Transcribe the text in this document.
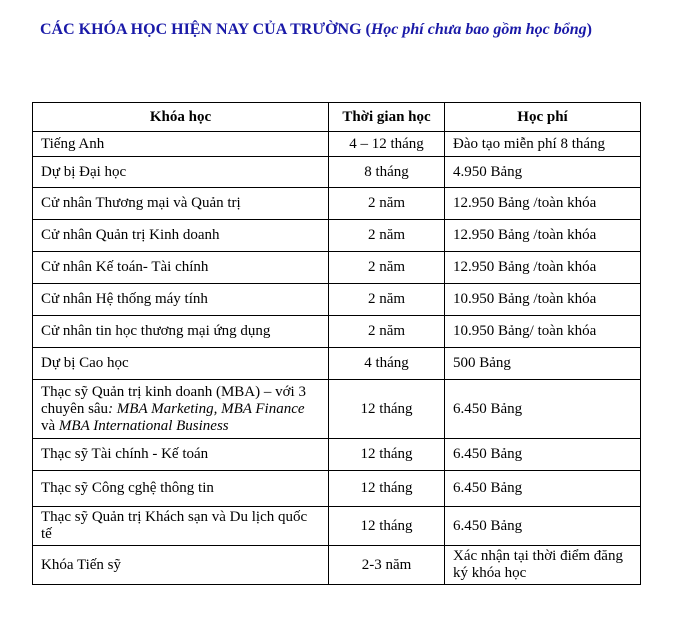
CÁC KHÓA HỌC HIỆN NAY CỦA TRƯỜNG (Học phí chưa bao gồm học bổng)
Khóa học	Thời gian học	Học phí
Tiếng Anh	4 – 12 tháng	Đào tạo miễn phí 8 tháng
Dự bị Đại học	8 tháng	4.950 Bảng
Cử nhân Thương mại và Quản trị	2 năm	12.950 Bảng /toàn khóa
Cử nhân Quản trị Kinh doanh	2 năm	12.950 Bảng /toàn khóa
Cử nhân Kế toán- Tài chính	2 năm	12.950 Bảng /toàn khóa
Cử nhân Hệ thống máy tính	2 năm	10.950 Bảng /toàn khóa
Cử nhân tin học thương mại ứng dụng	2 năm	10.950 Bảng/ toàn khóa
Dự bị Cao học	4 tháng	500 Bảng
Thạc sỹ Quản trị kinh doanh (MBA) – với 3 chuyên sâu: MBA Marketing, MBA Finance và MBA International Business	12 tháng	6.450 Bảng
Thạc sỹ Tài chính - Kế toán	12 tháng	6.450 Bảng
Thạc sỹ Công cghệ thông tin	12 tháng	6.450 Bảng
Thạc sỹ Quản trị Khách sạn và Du lịch quốc tế	12 tháng	6.450 Bảng
Khóa Tiến sỹ	2-3 năm	Xác nhận tại thời điểm đăng ký khóa học
